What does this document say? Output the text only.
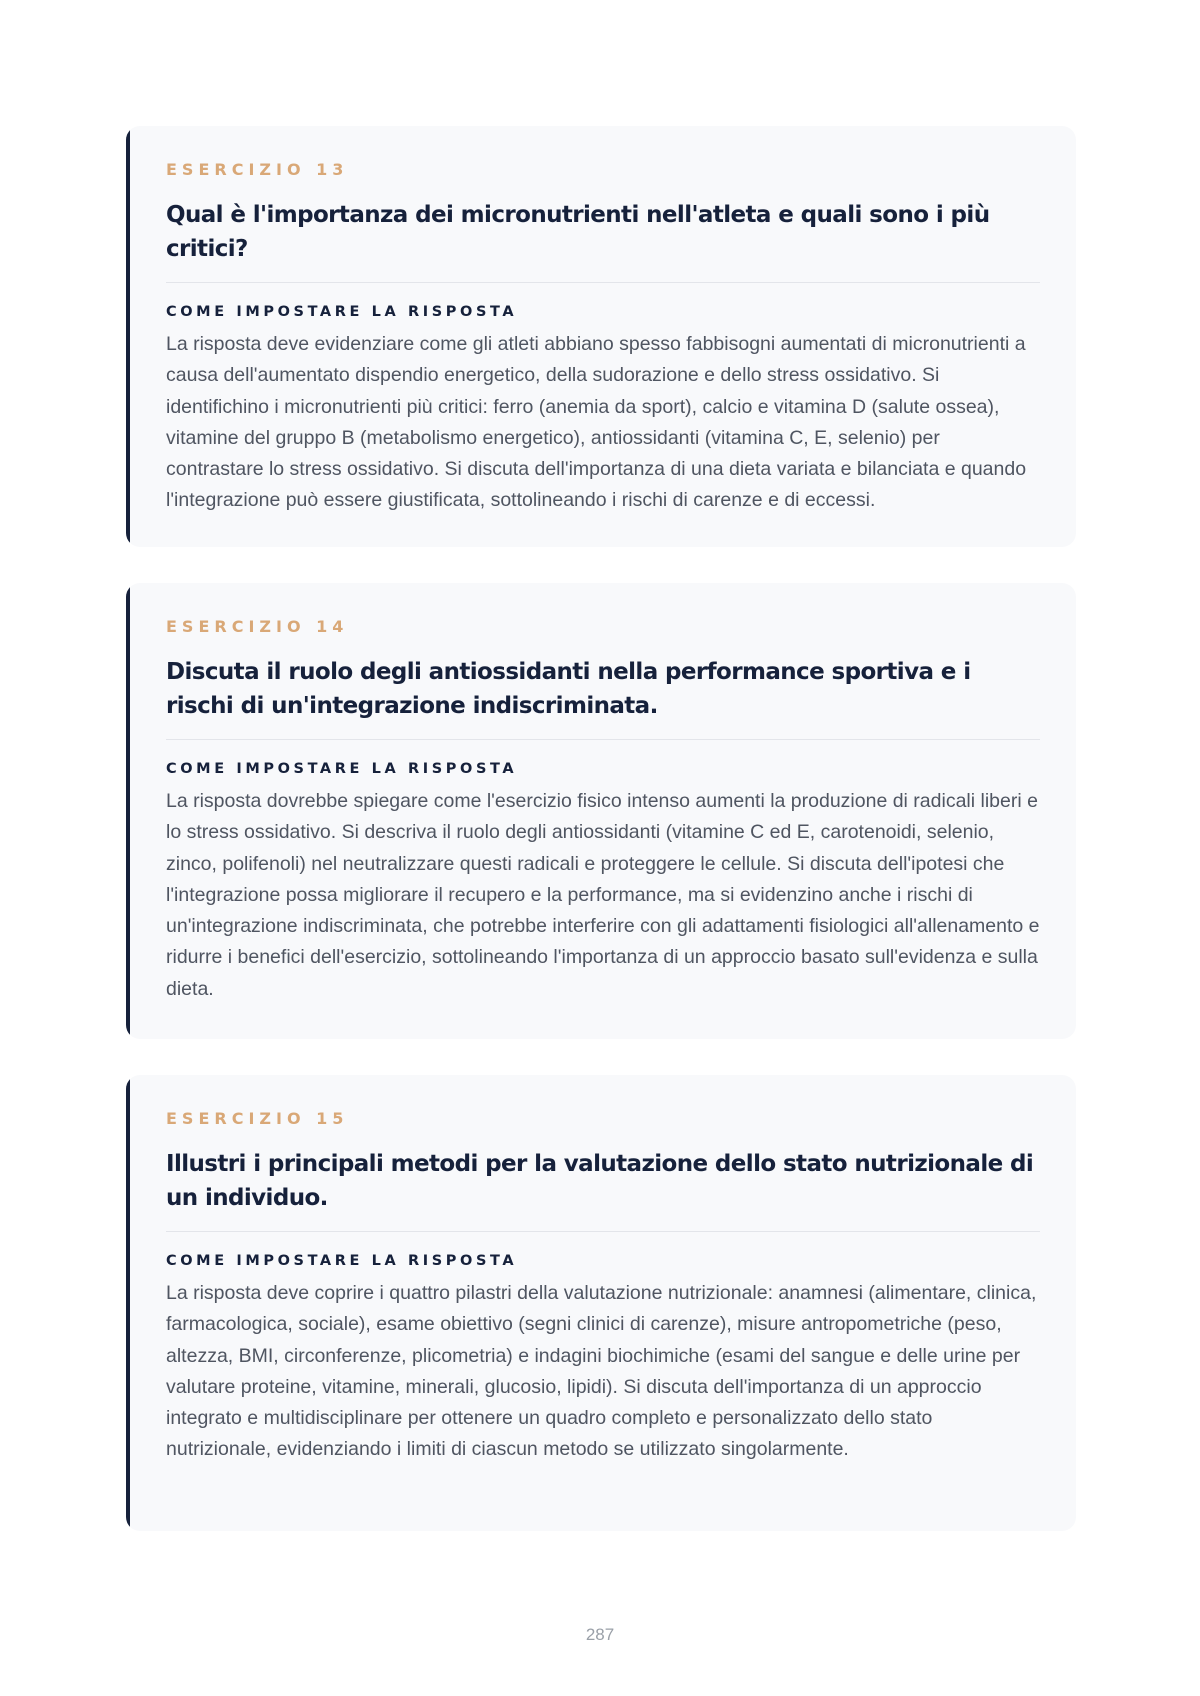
ESERCIZIO 13
Qual è l'importanza dei micronutrienti nell'atleta e quali sono i più critici?
COME IMPOSTARE LA RISPOSTA
La risposta deve evidenziare come gli atleti abbiano spesso fabbisogni aumentati di micronutrienti a causa dell'aumentato dispendio energetico, della sudorazione e dello stress ossidativo. Si identifichino i micronutrienti più critici: ferro (anemia da sport), calcio e vitamina D (salute ossea), vitamine del gruppo B (metabolismo energetico), antiossidanti (vitamina C, E, selenio) per contrastare lo stress ossidativo. Si discuta dell'importanza di una dieta variata e bilanciata e quando l'integrazione può essere giustificata, sottolineando i rischi di carenze e di eccessi.
ESERCIZIO 14
Discuta il ruolo degli antiossidanti nella performance sportiva e i rischi di un'integrazione indiscriminata.
COME IMPOSTARE LA RISPOSTA
La risposta dovrebbe spiegare come l'esercizio fisico intenso aumenti la produzione di radicali liberi e lo stress ossidativo. Si descriva il ruolo degli antiossidanti (vitamine C ed E, carotenoidi, selenio, zinco, polifenoli) nel neutralizzare questi radicali e proteggere le cellule. Si discuta dell'ipotesi che l'integrazione possa migliorare il recupero e la performance, ma si evidenzino anche i rischi di un'integrazione indiscriminata, che potrebbe interferire con gli adattamenti fisiologici all'allenamento e ridurre i benefici dell'esercizio, sottolineando l'importanza di un approccio basato sull'evidenza e sulla dieta.
ESERCIZIO 15
Illustri i principali metodi per la valutazione dello stato nutrizionale di un individuo.
COME IMPOSTARE LA RISPOSTA
La risposta deve coprire i quattro pilastri della valutazione nutrizionale: anamnesi (alimentare, clinica, farmacologica, sociale), esame obiettivo (segni clinici di carenze), misure antropometriche (peso, altezza, BMI, circonferenze, plicometria) e indagini biochimiche (esami del sangue e delle urine per valutare proteine, vitamine, minerali, glucosio, lipidi). Si discuta dell'importanza di un approccio integrato e multidisciplinare per ottenere un quadro completo e personalizzato dello stato nutrizionale, evidenziando i limiti di ciascun metodo se utilizzato singolarmente.
287
